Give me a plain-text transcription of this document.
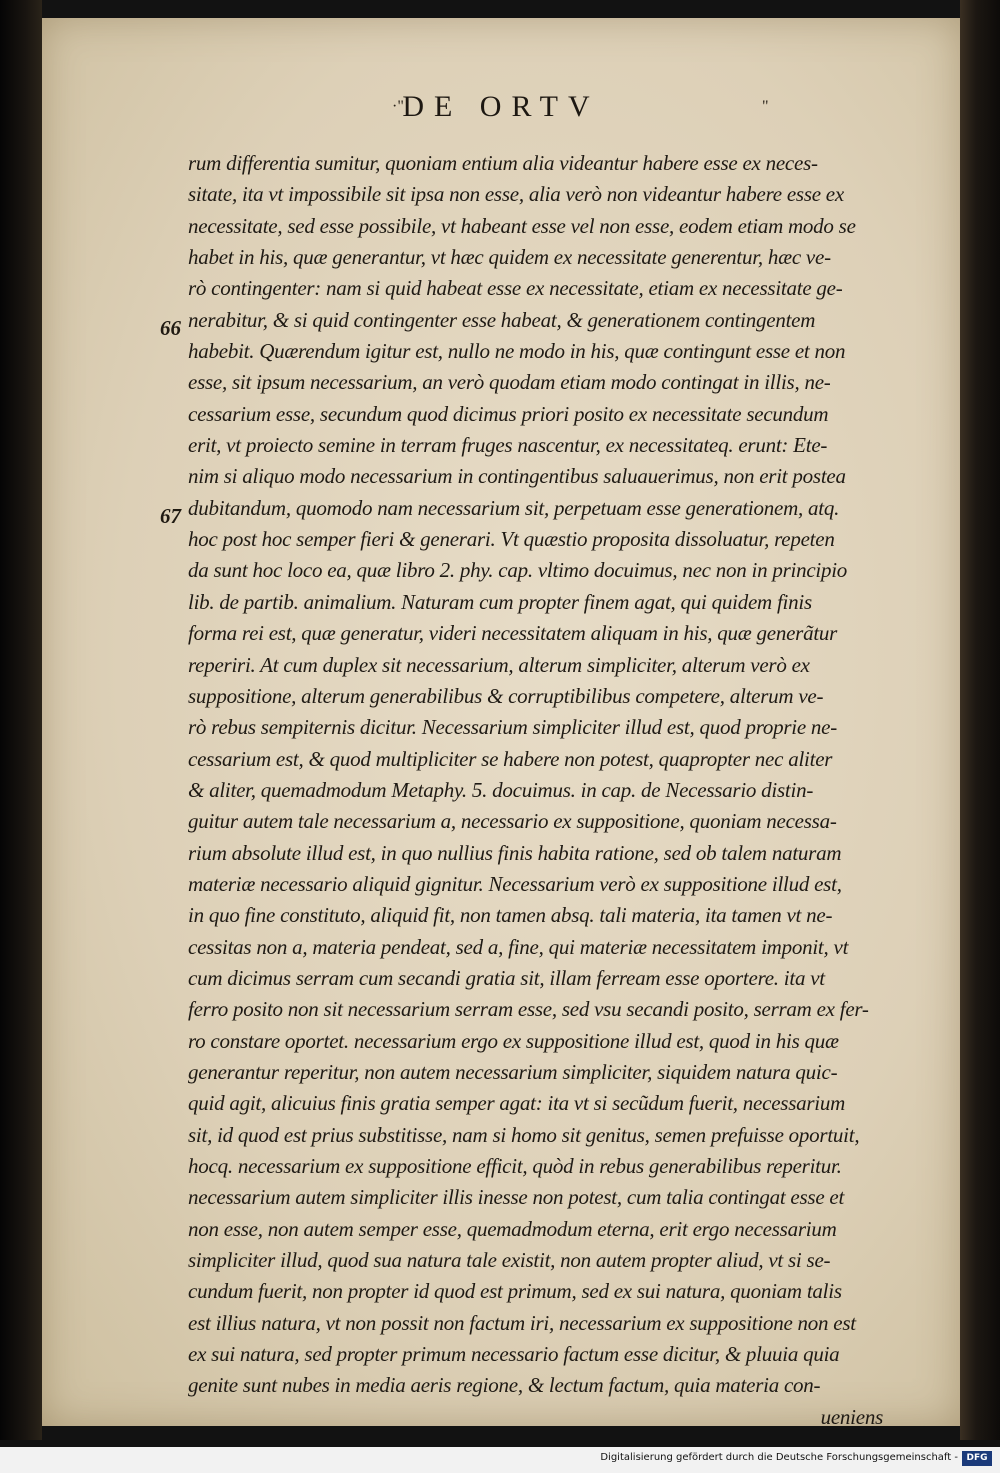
·"
DE ORTV	"
66
67
rum differentia sumitur, quoniam entium alia videantur habere esse ex neces-
sitate, ita vt impossibile sit ipsa non esse, alia verò non videantur habere esse ex
necessitate, sed esse possibile, vt habeant esse vel non esse, eodem etiam modo se
habet in his, quæ generantur, vt hæc quidem ex necessitate generentur, hæc ve-
rò contingenter: nam si quid habeat esse ex necessitate, etiam ex necessitate ge-
nerabitur, & si quid contingenter esse habeat, & generationem contingentem
habebit. Quærendum igitur est, nullo ne modo in his, quæ contingunt esse et non
esse, sit ipsum necessarium, an verò quodam etiam modo contingat in illis, ne-
cessarium esse, secundum quod dicimus priori posito ex necessitate secundum
erit, vt proiecto semine in terram fruges nascentur, ex necessitateq. erunt: Ete-
nim si aliquo modo necessarium in contingentibus saluauerimus, non erit postea
dubitandum, quomodo nam necessarium sit, perpetuam esse generationem, atq.
hoc post hoc semper fieri & generari. Vt quæstio proposita dissoluatur, repeten
da sunt hoc loco ea, quæ libro 2. phy. cap. vltimo docuimus, nec non in principio
lib. de partib. animalium. Naturam cum propter finem agat, qui quidem finis
forma rei est, quæ generatur, videri necessitatem aliquam in his, quæ generãtur
reperiri. At cum duplex sit necessarium, alterum simpliciter, alterum verò ex
suppositione, alterum generabilibus & corruptibilibus competere, alterum ve-
rò rebus sempiternis dicitur. Necessarium simpliciter illud est, quod proprie ne-
cessarium est, & quod multipliciter se habere non potest, quapropter nec aliter
& aliter, quemadmodum Metaphy. 5. docuimus. in cap. de Necessario distin-
guitur autem tale necessarium a, necessario ex suppositione, quoniam necessa-
rium absolute illud est, in quo nullius finis habita ratione, sed ob talem naturam
materiæ necessario aliquid gignitur. Necessarium verò ex suppositione illud est,
in quo fine constituto, aliquid fit, non tamen absq. tali materia, ita tamen vt ne-
cessitas non a, materia pendeat, sed a, fine, qui materiæ necessitatem imponit, vt
cum dicimus serram cum secandi gratia sit, illam ferream esse oportere. ita vt
ferro posito non sit necessarium serram esse, sed vsu secandi posito, serram ex fer-
ro constare oportet. necessarium ergo ex suppositione illud est, quod in his quæ
generantur reperitur, non autem necessarium simpliciter, siquidem natura quic-
quid agit, alicuius finis gratia semper agat: ita vt si secũdum fuerit, necessarium
sit, id quod est prius substitisse, nam si homo sit genitus, semen prefuisse oportuit,
hocq. necessarium ex suppositione efficit, quòd in rebus generabilibus reperitur.
necessarium autem simpliciter illis inesse non potest, cum talia contingat esse et
non esse, non autem semper esse, quemadmodum eterna, erit ergo necessarium
simpliciter illud, quod sua natura tale existit, non autem propter aliud, vt si se-
cundum fuerit, non propter id quod est primum, sed ex sui natura, quoniam talis
est illius natura, vt non possit non factum iri, necessarium ex suppositione non est
ex sui natura, sed propter primum necessario factum esse dicitur, & pluuia quia
genite sunt nubes in media aeris regione, & lectum factum, quia materia con-
ueniens
Digitalisierung gefördert durch die Deutsche Forschungsgemeinschaft - DFG
